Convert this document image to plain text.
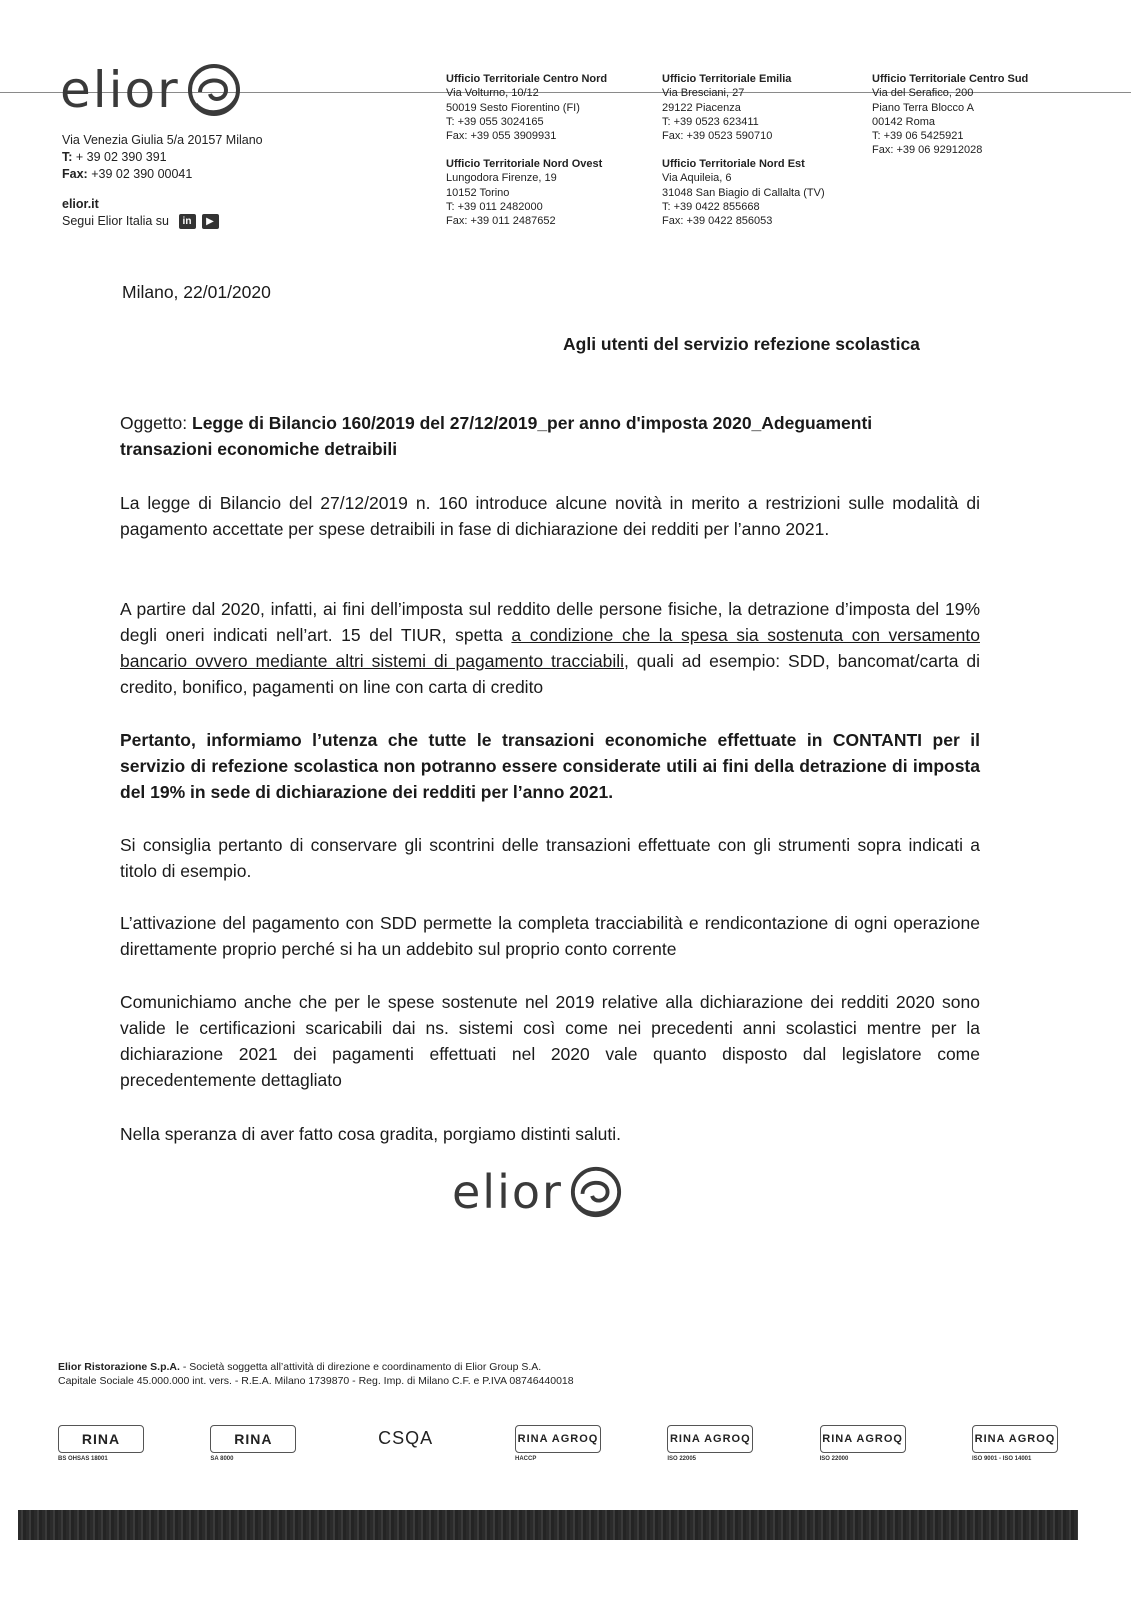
elior
Via Venezia Giulia 5/a 20157 Milano
T: + 39 02 390 391
Fax: +39 02 390 00041
elior.it
Segui Elior Italia su	in	▶
Ufficio Territoriale Centro Nord
Via Volturno, 10/12
50019 Sesto Fiorentino (FI)
T: +39 055 3024165
Fax: +39 055 3909931
Ufficio Territoriale Nord Ovest
Lungodora Firenze, 19
10152 Torino
T: +39 011 2482000
Fax: +39 011 2487652
Ufficio Territoriale Emilia
Via Bresciani, 27
29122 Piacenza
T: +39 0523 623411
Fax: +39 0523 590710
Ufficio Territoriale Nord Est
Via Aquileia, 6
31048 San Biagio di Callalta (TV)
T: +39 0422 855668
Fax: +39 0422 856053
Ufficio Territoriale Centro Sud
Via del Serafico, 200
Piano Terra Blocco A
00142 Roma
T: +39 06 5425921
Fax: +39 06 92912028
Milano, 22/01/2020
Agli utenti del servizio refezione scolastica
Oggetto: Legge di Bilancio 160/2019 del 27/12/2019_per anno d'imposta 2020_Adeguamenti
transazioni economiche detraibili
La legge di Bilancio del 27/12/2019 n. 160 introduce alcune novità in merito a restrizioni sulle modalità di pagamento accettate per spese detraibili in fase di dichiarazione dei redditi per l’anno 2021.
A partire dal 2020, infatti, ai fini dell’imposta sul reddito delle persone fisiche, la detrazione d’imposta del 19% degli oneri indicati nell’art. 15 del TIUR, spetta a condizione che la spesa sia sostenuta con versamento bancario ovvero mediante altri sistemi di pagamento tracciabili, quali ad esempio: SDD, bancomat/carta di credito, bonifico, pagamenti on line con carta di credito
Pertanto, informiamo l’utenza che tutte le transazioni economiche effettuate in CONTANTI per il servizio di refezione scolastica non potranno essere considerate utili ai fini della detrazione di imposta del 19% in sede di dichiarazione dei redditi per l’anno 2021.
Si consiglia pertanto di conservare gli scontrini delle transazioni effettuate con gli strumenti sopra indicati a titolo di esempio.
L’attivazione del pagamento con SDD permette la completa tracciabilità e rendicontazione di ogni operazione direttamente proprio perché si ha un addebito sul proprio conto corrente
Comunichiamo anche che per le spese sostenute nel 2019 relative alla dichiarazione dei redditi 2020 sono valide le certificazioni scaricabili dai ns. sistemi così come nei precedenti anni scolastici mentre per la dichiarazione 2021 dei pagamenti effettuati nel 2020 vale quanto disposto dal legislatore come precedentemente dettagliato
Nella speranza di aver fatto cosa gradita, porgiamo distinti saluti.
elior
Elior Ristorazione S.p.A. - Società soggetta all’attività di direzione e coordinamento di Elior Group S.A.
Capitale Sociale 45.000.000 int. vers. - R.E.A. Milano 1739870 - Reg. Imp. di Milano C.F. e P.IVA 08746440018
RINA
BS OHSAS 18001
RINA
SA 8000
CSQA	RINA AGROQ
HACCP
RINA AGROQ
ISO 22005
RINA AGROQ
ISO 22000
RINA AGROQ
ISO 9001 - ISO 14001
